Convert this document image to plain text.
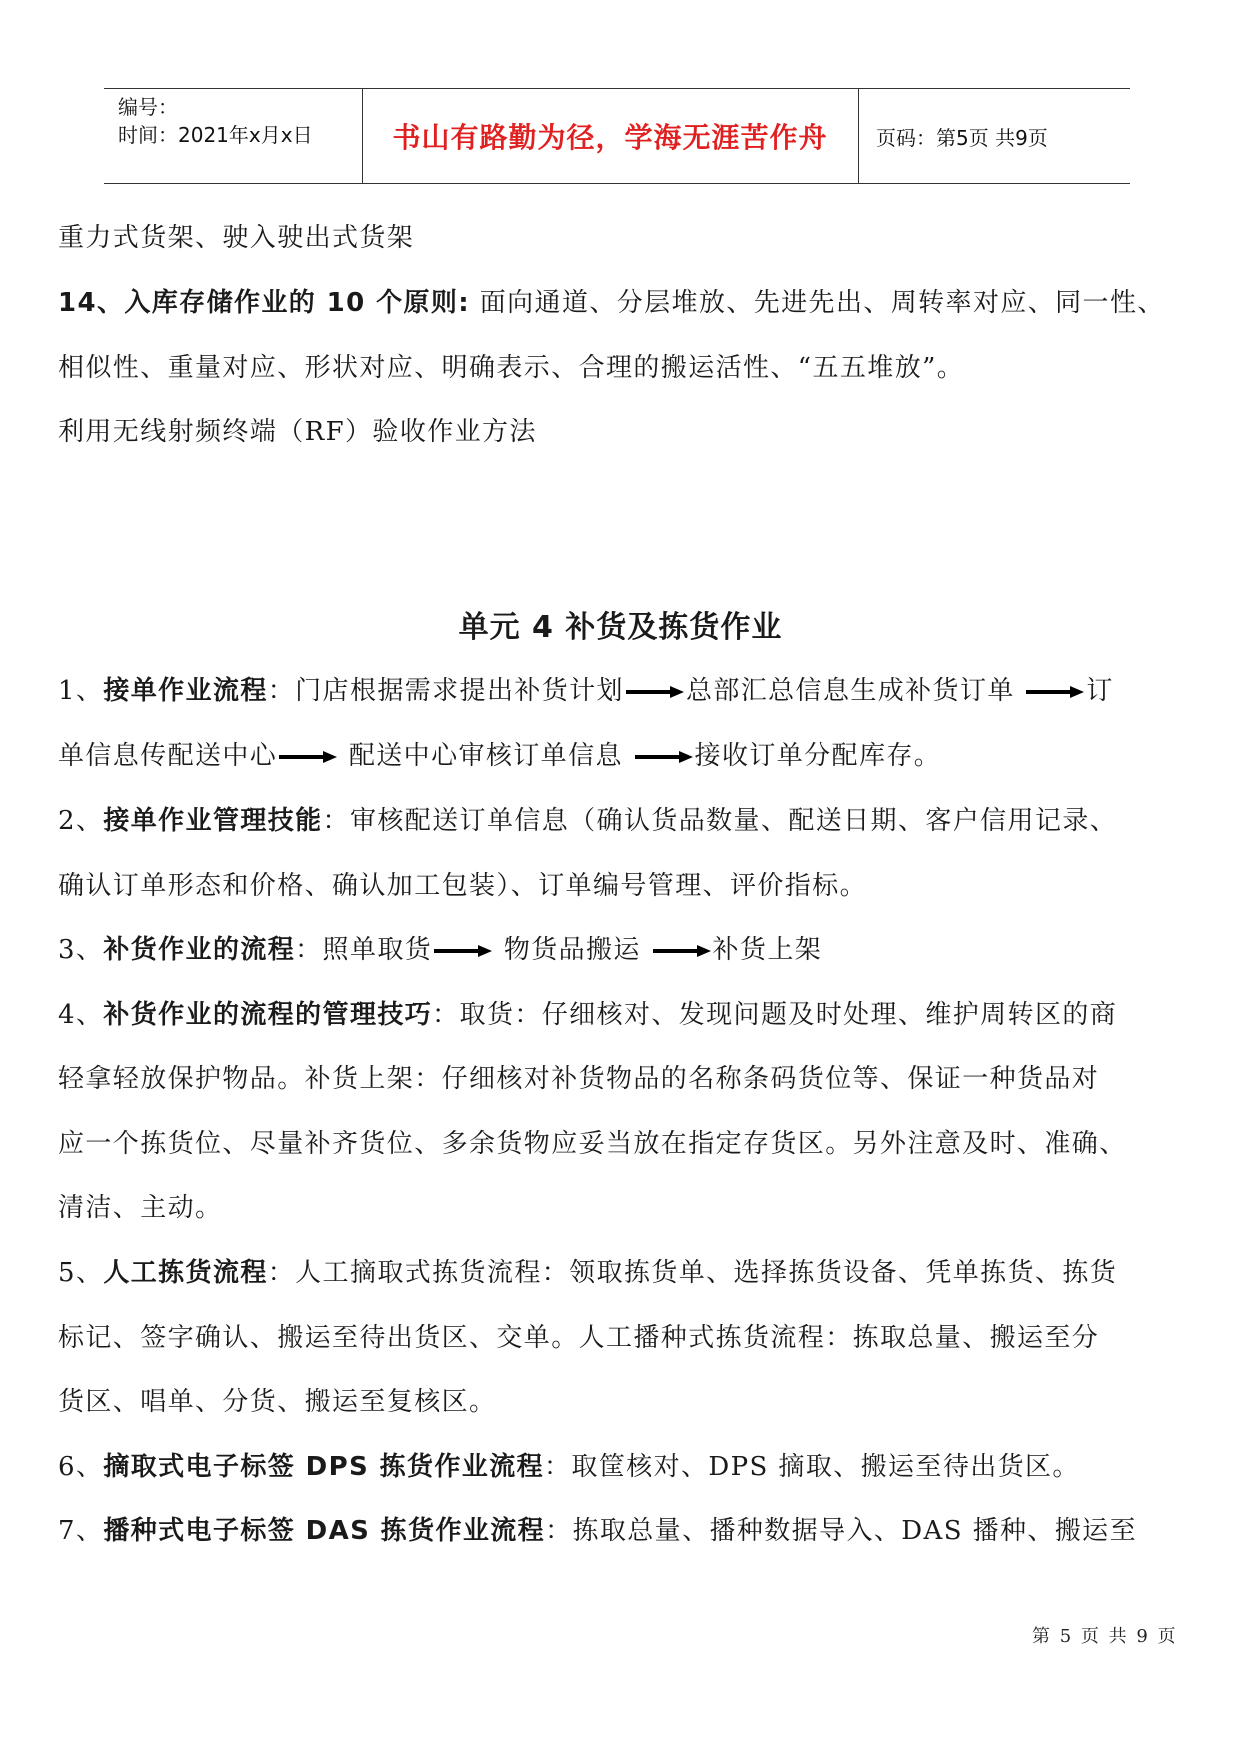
编号：
时间：2021年x月x日	书山有路勤为径，学海无涯苦作舟	页码：第5页 共9页
重力式货架、驶入驶出式货架
14、入库存储作业的 10 个原则: 面向通道、分层堆放、先进先出、周转率对应、同一性、
相似性、重量对应、形状对应、明确表示、合理的搬运活性、“五五堆放”。
利用无线射频终端（RF）验收作业方法
单元 4 补货及拣货作业
1、接单作业流程：门店根据需求提出补货计划 总部汇总信息生成补货订单 订
单信息传配送中心 配送中心审核订单信息 接收订单分配库存。
2、接单作业管理技能：审核配送订单信息（确认货品数量、配送日期、客户信用记录、
确认订单形态和价格、确认加工包装）、订单编号管理、评价指标。
3、补货作业的流程：照单取货 物货品搬运 补货上架
4、补货作业的流程的管理技巧：取货：仔细核对、发现问题及时处理、维护周转区的商
轻拿轻放保护物品。补货上架：仔细核对补货物品的名称条码货位等、保证一种货品对
应一个拣货位、尽量补齐货位、多余货物应妥当放在指定存货区。另外注意及时、准确、
清洁、主动。
5、人工拣货流程：人工摘取式拣货流程：领取拣货单、选择拣货设备、凭单拣货、拣货
标记、签字确认、搬运至待出货区、交单。人工播种式拣货流程：拣取总量、搬运至分
货区、唱单、分货、搬运至复核区。
6、摘取式电子标签 DPS 拣货作业流程：取筐核对、DPS 摘取、搬运至待出货区。
7、播种式电子标签 DAS 拣货作业流程：拣取总量、播种数据导入、DAS 播种、搬运至
第 5 页 共 9 页
